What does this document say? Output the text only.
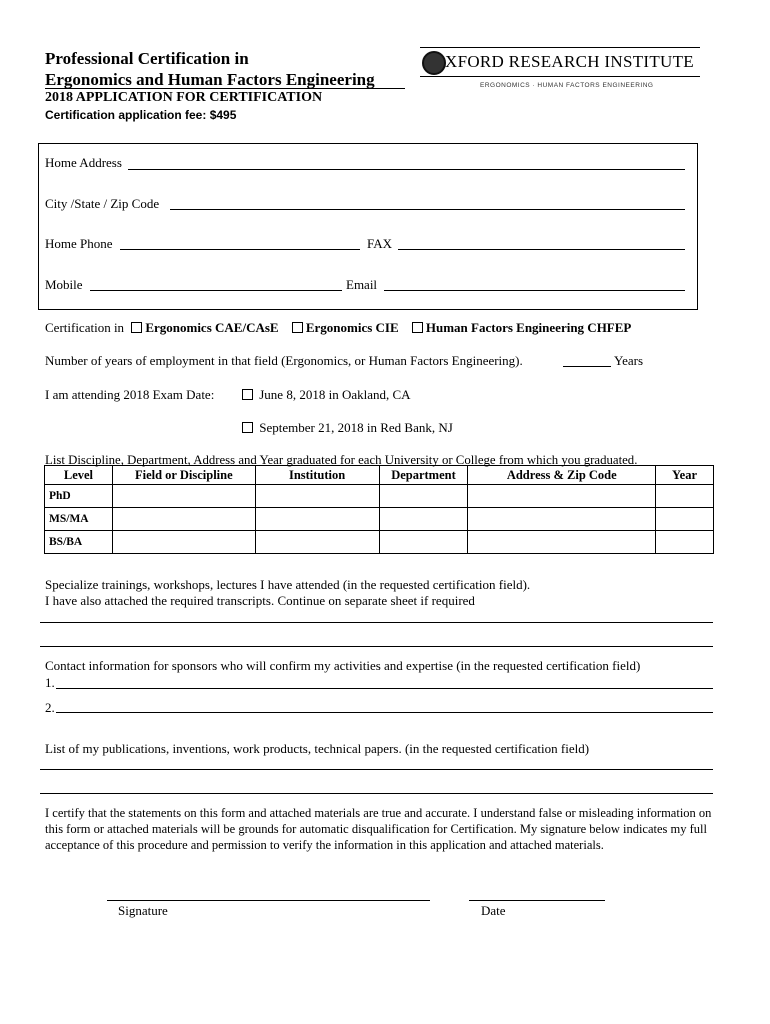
Professional Certification in
Ergonomics and Human Factors Engineering
2018 APPLICATION FOR CERTIFICATION
Certification application fee: $495
XFORD RESEARCH INSTITUTE
ERGONOMICS · HUMAN FACTORS ENGINEERING
Home Address
City /State / Zip Code
Home Phone	FAX
Mobile	Email
Certification in Ergonomics CAE/CAsE Ergonomics CIE Human Factors Engineering CHFEP
Number of years of employment in that field (Ergonomics, or Human Factors Engineering).	Years
I am attending 2018 Exam Date:	June 8, 2018 in Oakland, CA
September 21, 2018 in Red Bank, NJ
List Discipline, Department, Address and Year graduated for each University or College from which you graduated.
Level	Field or Discipline	Institution	Department	Address & Zip Code	Year
PhD					
MS/MA					
BS/BA					
Specialize trainings, workshops, lectures I have attended (in the requested certification field).
I have also attached the required transcripts. Continue on separate sheet if required
Contact information for sponsors who will confirm my activities and expertise (in the requested certification field)
1.
2.
List of my publications, inventions, work products, technical papers. (in the requested certification field)
I certify that the statements on this form and attached materials are true and accurate. I understand false or misleading information on this form or attached materials will be grounds for automatic disqualification for Certification. My signature below indicates my full acceptance of this procedure and permission to verify the information in this application and attached materials.
Signature	Date
